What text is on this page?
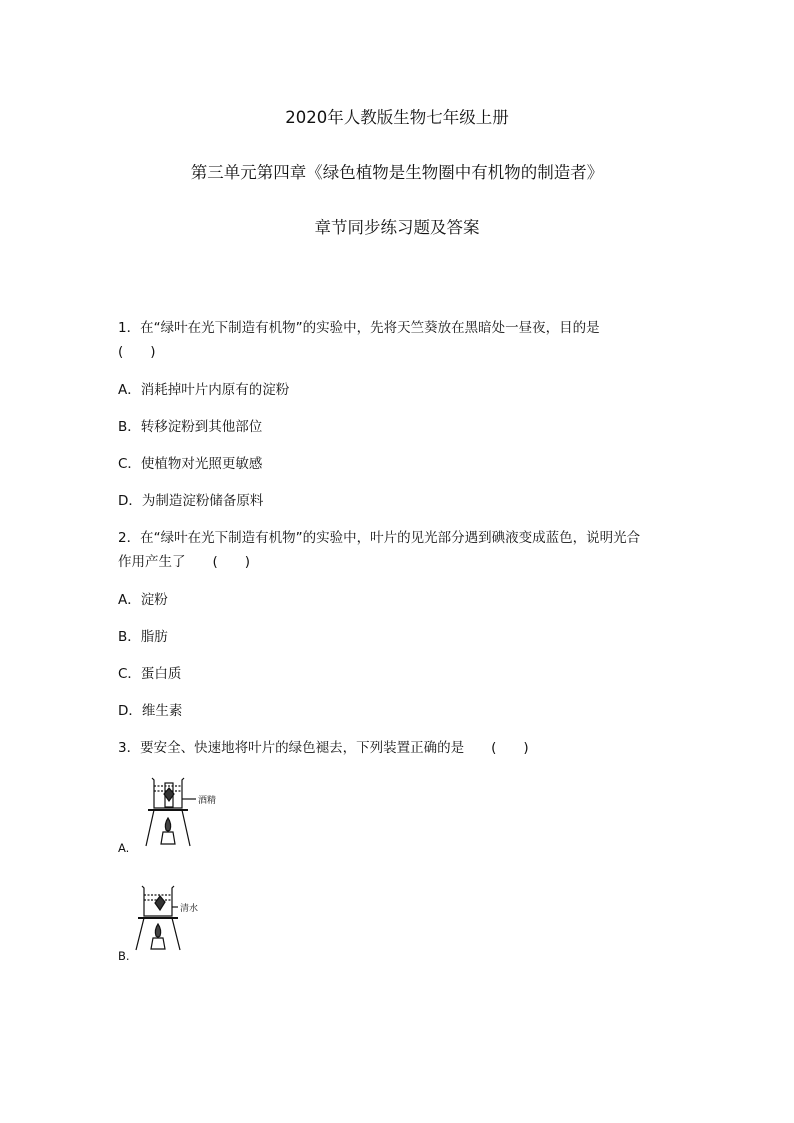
2020年人教版生物七年级上册
第三单元第四章《绿色植物是生物圈中有机物的制造者》
章节同步练习题及答案
1．在“绿叶在光下制造有机物”的实验中，先将天竺葵放在黑暗处一昼夜，目的是
(　　)
A．消耗掉叶片内原有的淀粉
B．转移淀粉到其他部位
C．使植物对光照更敏感
D．为制造淀粉储备原料
2．在“绿叶在光下制造有机物”的实验中，叶片的见光部分遇到碘液变成蓝色，说明光合
作用产生了　　(　　)
A．淀粉
B．脂肪
C．蛋白质
D．维生素
3．要安全、快速地将叶片的绿色褪去，下列装置正确的是　　(　　)
酒精
A.
清水
B.
